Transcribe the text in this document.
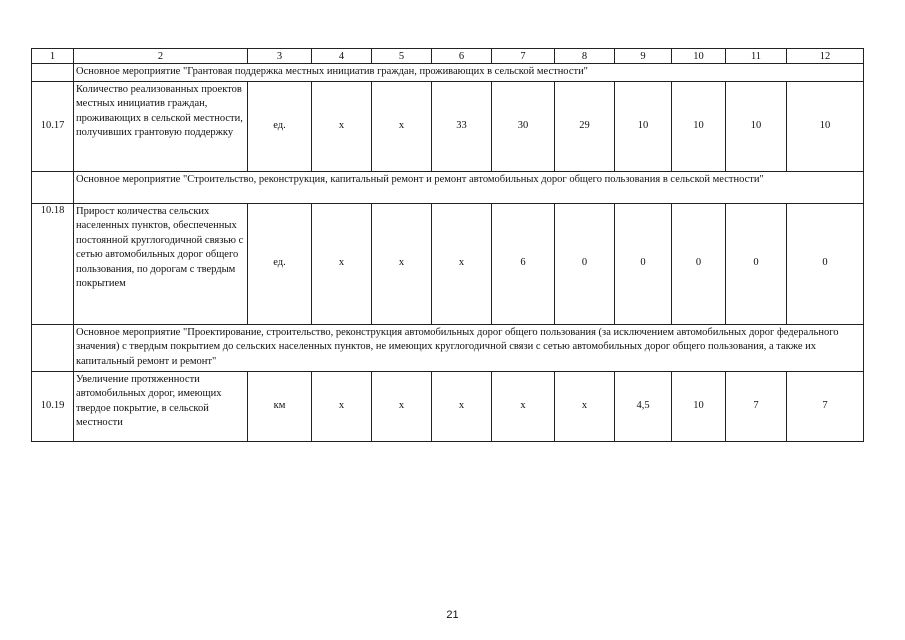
1	2	3	4	5	6	7	8	9	10	11	12
	Основное мероприятие "Грантовая поддержка местных инициатив граждан, проживающих в сельской местности"										
10.17	Количество реализованных проектов местных инициатив граждан, проживающих в сельской местности, получивших грантовую поддержку	ед.	х	х	33	30	29	10	10	10	10
	Основное мероприятие "Строительство, реконструкция, капитальный ремонт и ремонт автомобильных дорог общего пользования в сельской местности"										
10.18	Прирост количества сельских населенных пунктов, обеспеченных постоянной круглогодичной связью с сетью автомобильных дорог общего пользования, по дорогам с твердым покрытием	ед.	х	х	х	6	0	0	0	0	0
	Основное мероприятие "Проектирование, строительство, реконструкция автомобильных дорог общего пользования (за исключением автомобильных дорог федерального значения) с твердым покрытием до сельских населенных пунктов, не имеющих круглогодичной связи с сетью автомобильных дорог общего пользования, а также их капитальный ремонт и ремонт"										
10.19	Увеличение протяженности автомобильных дорог, имеющих твердое покрытие, в сельской местности	км	х	х	х	х	х	4,5	10	7	7
21
